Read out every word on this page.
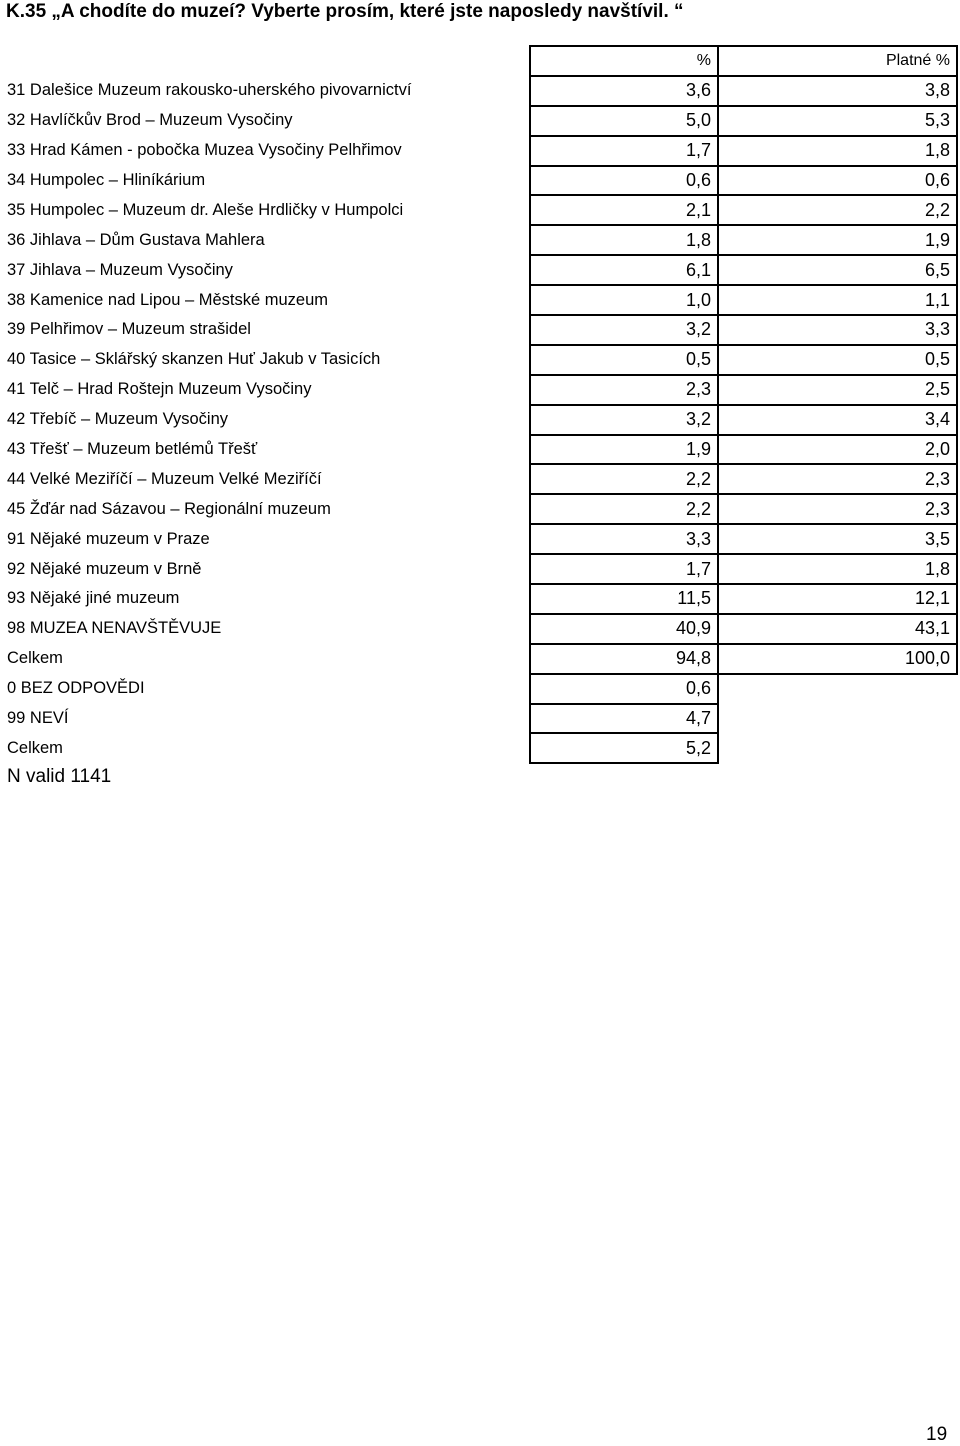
K.35 „A chodíte do muzeí? Vyberte prosím, které jste naposledy navštívil. “
	%	Platné %
31 Dalešice Muzeum rakousko-uherského pivovarnictví	3,6	3,8
32 Havlíčkův Brod – Muzeum Vysočiny	5,0	5,3
33 Hrad Kámen - pobočka Muzea Vysočiny Pelhřimov	1,7	1,8
34 Humpolec – Hliníkárium	0,6	0,6
35 Humpolec – Muzeum dr. Aleše Hrdličky v Humpolci	2,1	2,2
36 Jihlava – Dům Gustava Mahlera	1,8	1,9
37 Jihlava – Muzeum Vysočiny	6,1	6,5
38 Kamenice nad Lipou – Městské muzeum	1,0	1,1
39 Pelhřimov – Muzeum strašidel	3,2	3,3
40 Tasice – Sklářský skanzen Huť Jakub v Tasicích	0,5	0,5
41 Telč – Hrad Roštejn Muzeum Vysočiny	2,3	2,5
42 Třebíč – Muzeum Vysočiny	3,2	3,4
43 Třešť – Muzeum betlémů Třešť	1,9	2,0
44 Velké Meziříčí – Muzeum Velké Meziříčí	2,2	2,3
45 Žďár nad Sázavou – Regionální muzeum	2,2	2,3
91 Nějaké muzeum v Praze	3,3	3,5
92 Nějaké muzeum v Brně	1,7	1,8
93 Nějaké jiné muzeum	11,5	12,1
98 MUZEA NENAVŠTĚVUJE	40,9	43,1
Celkem	94,8	100,0
0 BEZ ODPOVĚDI	0,6	
99 NEVÍ	4,7	
Celkem	5,2	
N valid 1141
19
